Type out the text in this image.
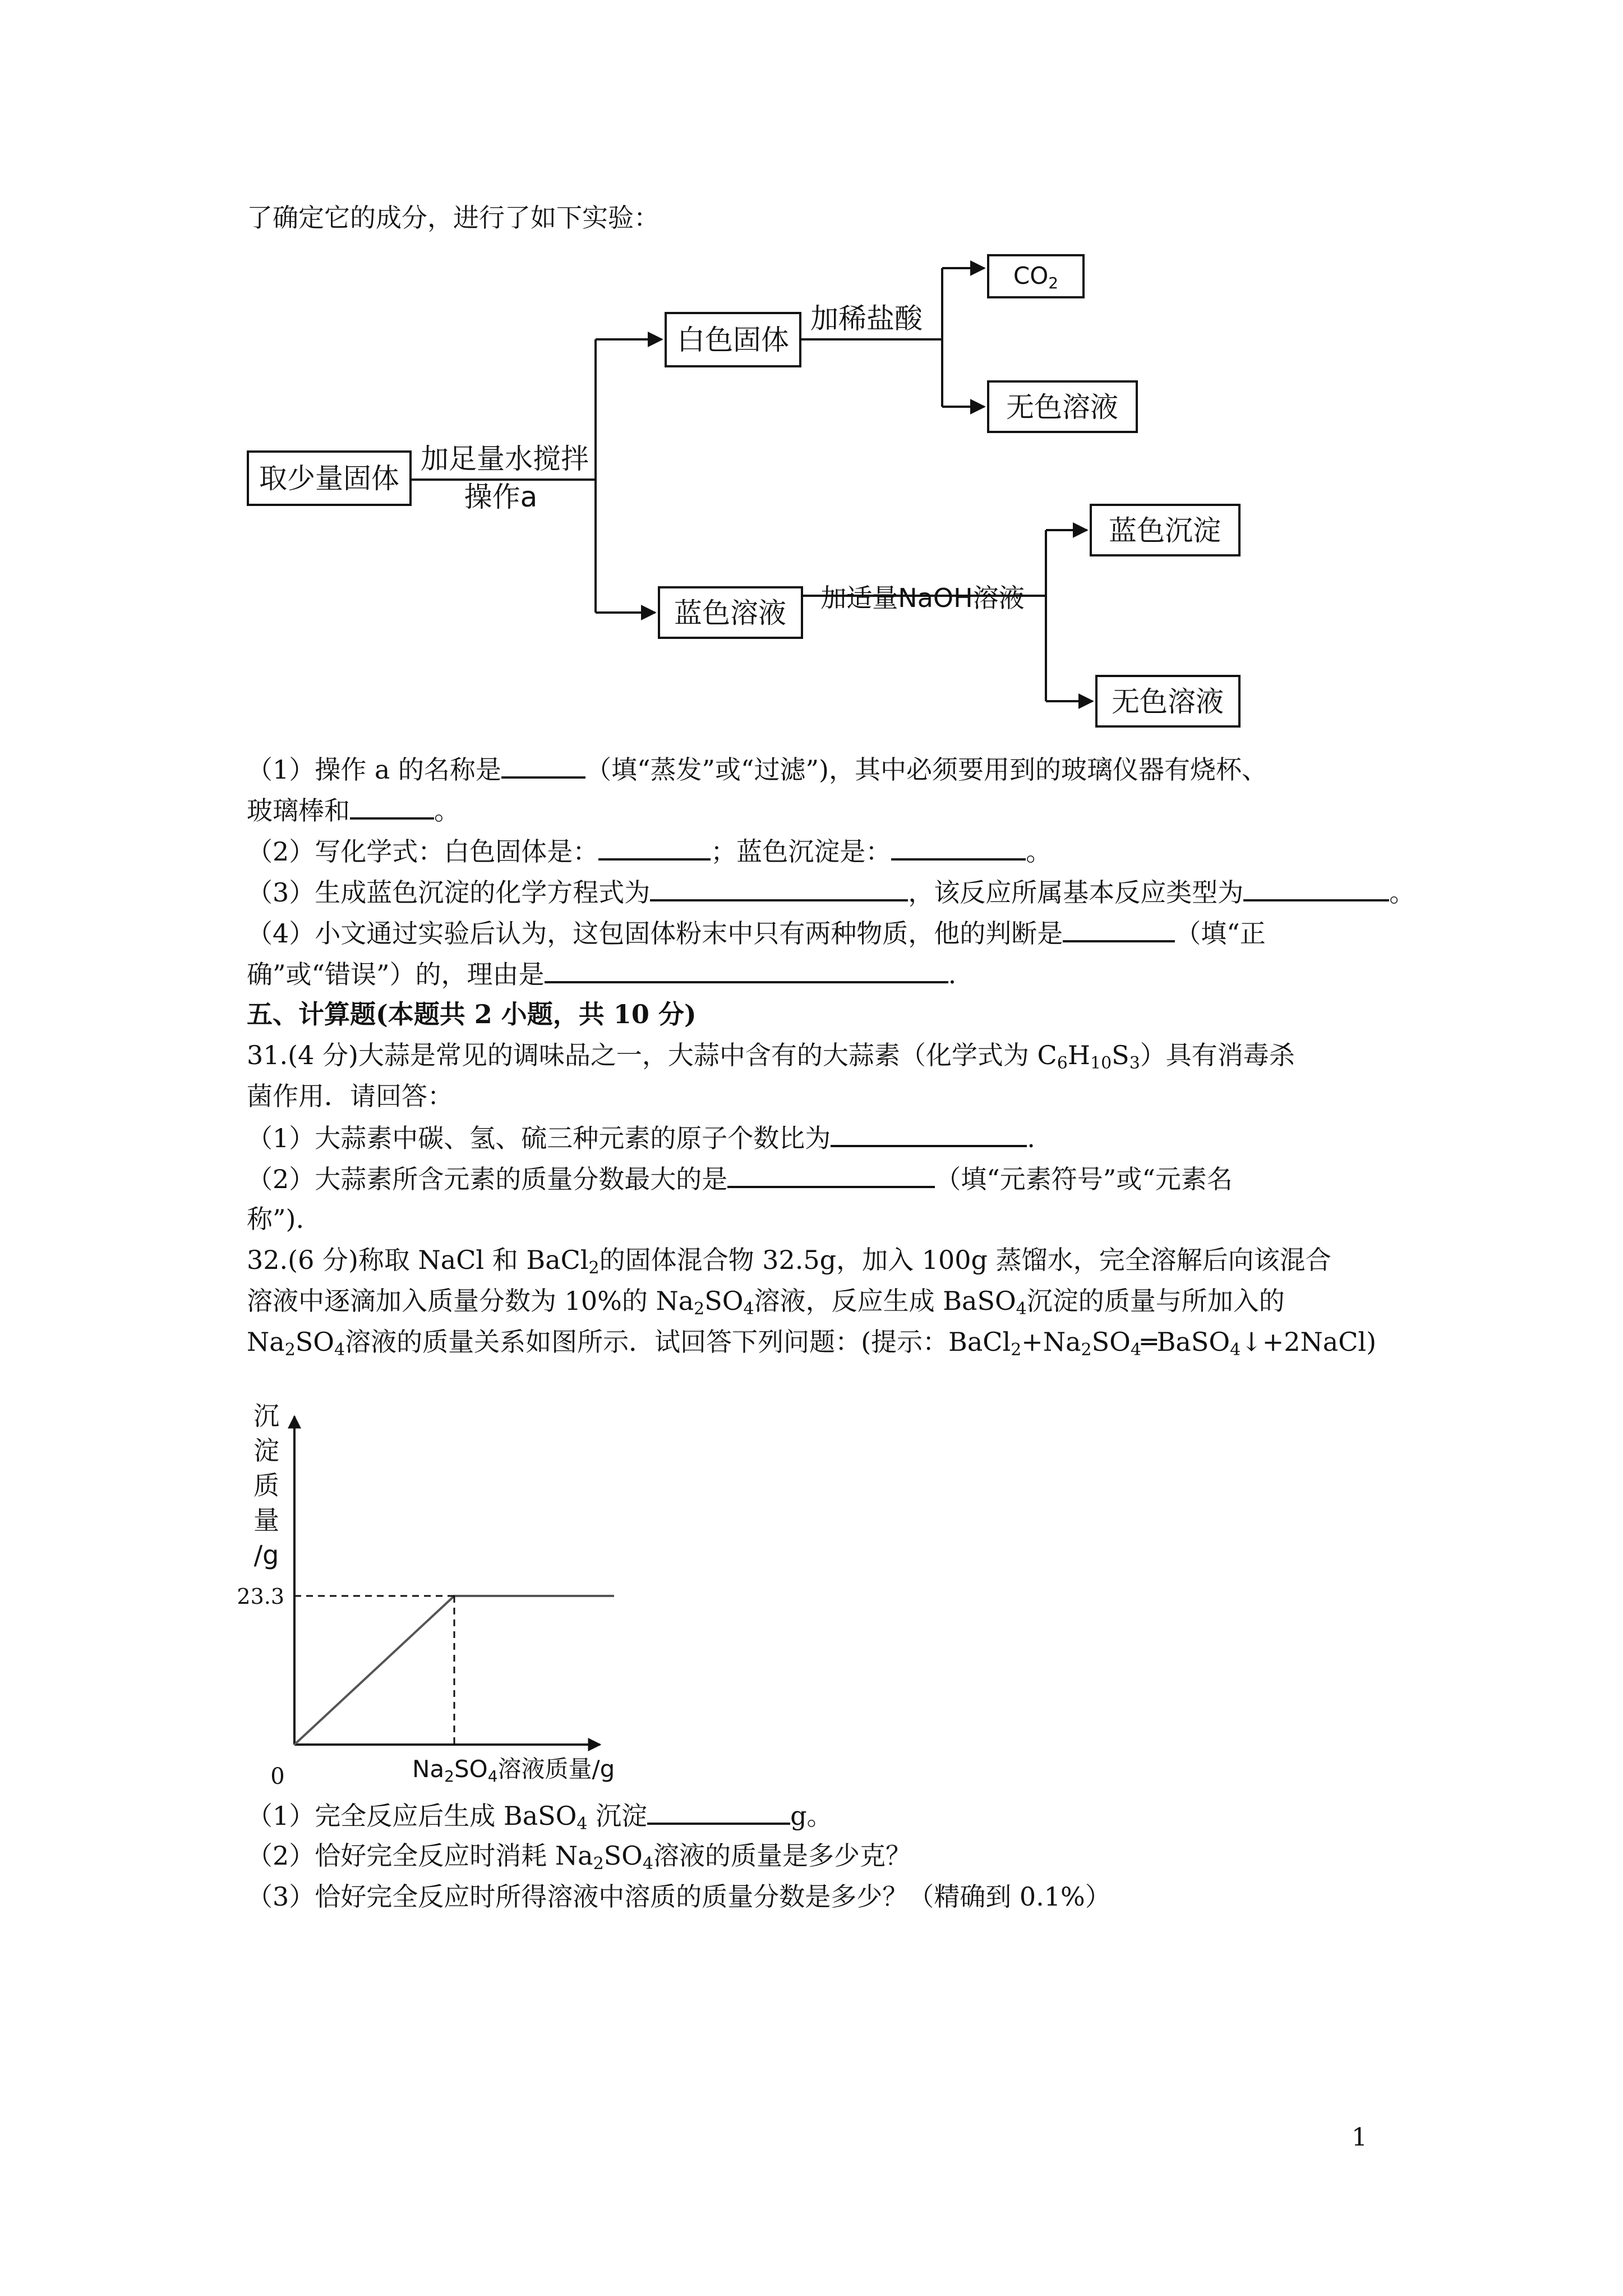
了确定它的成分，进行了如下实验：
取少量固体
加足量水搅拌
操作a
白色固体
加稀盐酸
CO2
无色溶液
蓝色溶液 加适量NaOH溶液
蓝色沉淀
无色溶液
（1）操作 a 的名称是	（填“蒸发”或“过滤”)，其中必须要用到的玻璃仪器有烧杯、
玻璃棒和	。
（2）写化学式：白色固体是：	；蓝色沉淀是：	。
（3）生成蓝色沉淀的化学方程式为	，该反应所属基本反应类型为	。
（4）小文通过实验后认为，这包固体粉末中只有两种物质，他的判断是	（填“正
确”或“错误”）的，理由是	.
五、计算题(本题共 2 小题，共 10 分)
31.(4 分)大蒜是常见的调味品之一，大蒜中含有的大蒜素（化学式为 $C_6H_{10}S_3$）具有消毒杀
菌作用．请回答：
（1）大蒜素中碳、氢、硫三种元素的原子个数比为	.
（2）大蒜素所含元素的质量分数最大的是	（填“元素符号”或“元素名
称”).
32.(6 分)称取 NaCl 和 BaCl$_2$的固体混合物 32.5g，加入 100g 蒸馏水，完全溶解后向该混合
溶液中逐滴加入质量分数为 10%的 $Na_2SO_4$溶液，反应生成 BaSO$_4$沉淀的质量与所加入的
$Na_2SO_4$溶液的质量关系如图所示．试回答下列问题：(提示：$BaCl_2+Na_2SO_4═BaSO_4↓+2NaCl$)
23.3
0
沉
淀
质
量
/g
Na2SO4溶液质量/g
（1）完全反应后生成 BaSO$_4$ 沉淀	g。
（2）恰好完全反应时消耗 $Na_2SO_4$溶液的质量是多少克？
（3）恰好完全反应时所得溶液中溶质的质量分数是多少？（精确到 0.1%）
1
